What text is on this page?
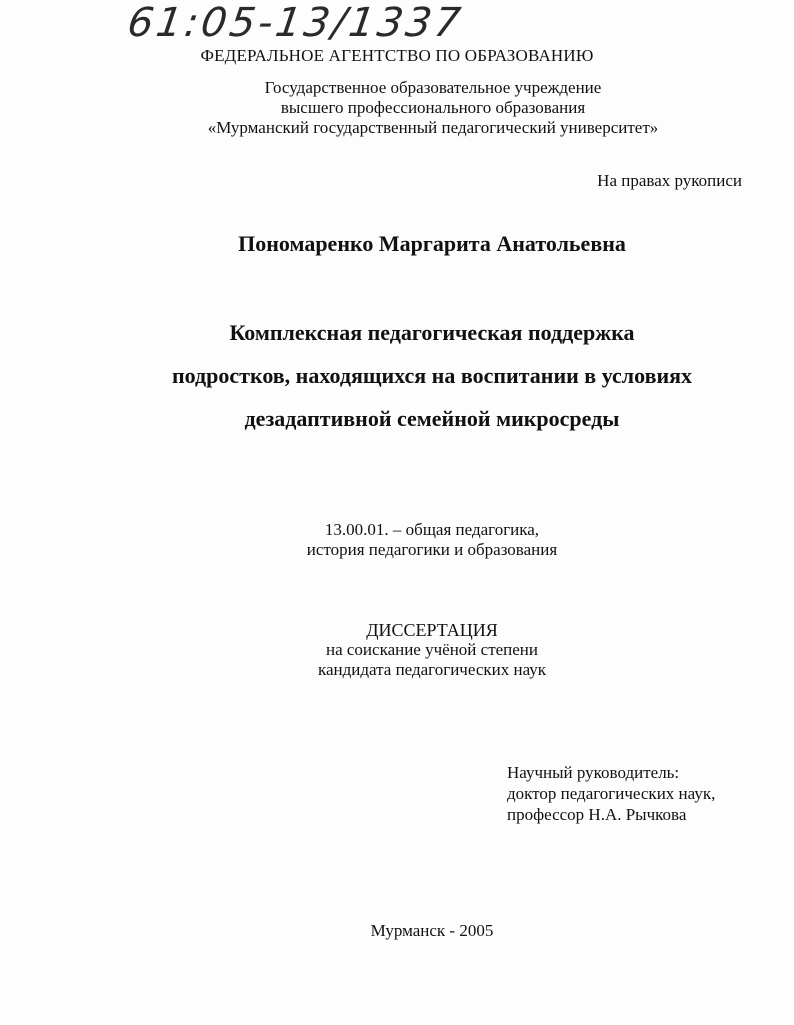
61:05-13/1337
ФЕДЕРАЛЬНОЕ АГЕНТСТВО ПО ОБРАЗОВАНИЮ
Государственное образовательное учреждение
высшего профессионального образования
«Мурманский государственный педагогический университет»
На правах рукописи
Пономаренко Маргарита Анатольевна
Комплексная педагогическая поддержка
подростков, находящихся на воспитании в условиях
дезадаптивной семейной микросреды
13.00.01. – общая педагогика,
история педагогики и образования
ДИССЕРТАЦИЯ
на соискание учёной степени
кандидата педагогических наук
Научный руководитель:
доктор педагогических наук,
профессор Н.А. Рычкова
Мурманск - 2005
